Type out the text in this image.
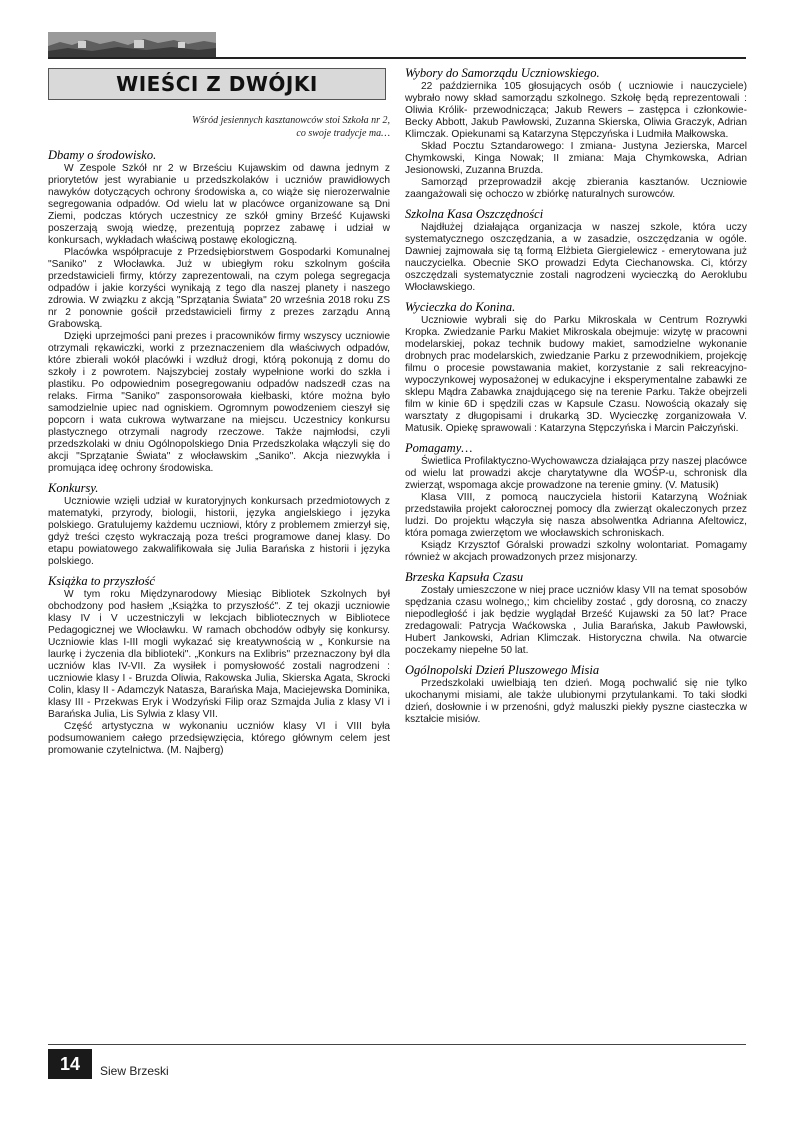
WIEŚCI Z DWÓJKI
Wśród jesiennych kasztanowców stoi Szkoła nr 2,
co swoje tradycje ma…
Dbamy o środowisko.

W Zespole Szkół nr 2 w Brześciu Kujawskim od dawna jednym z priorytetów jest wyrabianie u przedszkolaków i uczniów prawidłowych nawyków dotyczących ochrony środowiska a, co wiąże się nierozerwalnie segregowania odpadów. Od wielu lat w placówce organizowane są Dni Ziemi, podczas których uczestnicy ze szkół gminy Brześć Kujawski poszerzają swoją wiedzę, prezentują poprzez zabawę i udział w konkursach, wykładach właściwą postawę ekologiczną.

Placówka współpracuje z Przedsiębiorstwem Gospodarki Komunalnej "Saniko" z Włocławka. Już w ubiegłym roku szkolnym gościła przedstawicieli firmy, którzy zaprezentowali, na czym polega segregacja odpadów i jakie korzyści wynikają z tego dla naszej planety i naszego zdrowia. W związku z akcją "Sprzątania Świata" 20 września 2018 roku ZS nr 2 ponownie gościł przedstawicieli firmy z prezes zarządu Anną Grabowską.

Dzięki uprzejmości pani prezes i pracowników firmy wszyscy uczniowie otrzymali rękawiczki, worki z przeznaczeniem dla właściwych odpadów, które zbierali wokół placówki i wzdłuż drogi, którą pokonują z domu do szkoły i z powrotem. Najszybciej zostały wypełnione worki do szkła i plastiku. Po odpowiednim posegregowaniu odpadów nadszedł czas na relaks. Firma "Saniko" zasponsorowała kiełbaski, które można było samodzielnie upiec nad ogniskiem. Ogromnym powodzeniem cieszył się popcorn i wata cukrowa wytwarzane na miejscu. Uczestnicy konkursu plastycznego otrzymali nagrody rzeczowe. Także najmłodsi, czyli przedszkolaki w dniu Ogólnopolskiego Dnia Przedszkolaka włączyli się do akcji "Sprzątanie Świata" z włocławskim „Saniko". Akcja niezwykła i promująca ideę ochrony środowiska.

Konkursy.

Uczniowie wzięli udział w kuratoryjnych konkursach przedmiotowych z matematyki, przyrody, biologii, historii, języka angielskiego i języka polskiego. Gratulujemy każdemu uczniowi, który z problemem zmierzył się, gdyż treści często wykraczają poza treści programowe danej klasy. Do etapu powiatowego zakwalifikowała się Julia Barańska z historii i języka polskiego.

Książka to przyszłość

W tym roku Międzynarodowy Miesiąc Bibliotek Szkolnych był obchodzony pod hasłem „Książka to przyszłość". Z tej okazji uczniowie klasy IV i V uczestniczyli w lekcjach bibliotecznych w Bibliotece Pedagogicznej we Włocławku. W ramach obchodów odbyły się konkursy. Uczniowie klas I-III mogli wykazać się kreatywnością w „ Konkursie na laurkę i życzenia dla biblioteki". „Konkurs na Exlibris" przeznaczony był dla uczniów klas IV-VII. Za wysiłek i pomysłowość zostali nagrodzeni : uczniowie klasy I - Bruzda Oliwia, Rakowska Julia, Skierska Agata, Skrocki Colin, klasy II - Adamczyk Natasza, Barańska Maja, Maciejewska Dominika, klasy III - Przekwas Eryk i Wodzyński Filip oraz Szmajda Julia z klasy VI i Barańska Julia, Lis Sylwia z klasy VII.

Część artystyczna w wykonaniu uczniów klasy VI i VIII była podsumowaniem całego przedsięwzięcia, którego głównym celem jest promowanie czytelnictwa. (M. Najberg)

Wybory do Samorządu Uczniowskiego.

22 października 105 głosujących osób ( uczniowie i nauczyciele) wybrało nowy skład samorządu szkolnego. Szkołę będą reprezentowali : Oliwia Królik- przewodnicząca; Jakub Rewers – zastępca i członkowie- Becky Abbott, Jakub Pawłowski, Zuzanna Skierska, Oliwia Graczyk, Adrian Klimczak. Opiekunami są Katarzyna Stępczyńska i Ludmiła Małkowska.

Skład Pocztu Sztandarowego: I zmiana- Justyna Jezierska, Marcel Chymkowski, Kinga Nowak; II zmiana: Maja Chymkowska, Adrian Jesionowski, Zuzanna Bruzda.

Samorząd przeprowadził akcję zbierania kasztanów. Uczniowie zaangażowali się ochoczo w zbiórkę naturalnych surowców.

Szkolna Kasa Oszczędności

Najdłużej działająca organizacja w naszej szkole, która uczy systematycznego oszczędzania, a w zasadzie, oszczędzania w ogóle. Dawniej zajmowała się tą formą Elżbieta Giergielewicz - emerytowana już nauczycielka. Obecnie SKO prowadzi Edyta Ciechanowska. Ci, którzy oszczędzali systematycznie zostali nagrodzeni wycieczką do Aeroklubu Włocławskiego.

Wycieczka do Konina.

Uczniowie wybrali się do Parku Mikroskala w Centrum Rozrywki Kropka. Zwiedzanie Parku Makiet Mikroskala obejmuje: wizytę w pracowni modelarskiej, pokaz technik budowy makiet, samodzielne wykonanie drobnych prac modelarskich, zwiedzanie Parku z przewodnikiem, projekcję filmu o procesie powstawania makiet, korzystanie z sali rekreacyjno-wypoczynkowej wyposażonej w edukacyjne i eksperymentalne zabawki ze sklepu Mądra Zabawka znajdującego się na terenie Parku. Także obejrzeli film w kinie 6D i spędzili czas w Kapsule Czasu. Nowością okazały się warsztaty z długopisami i drukarką 3D. Wycieczkę zorganizowała V. Matusik. Opiekę sprawowali : Katarzyna Stępczyńska i Marcin Pałczyński.

Pomagamy…

Świetlica Profilaktyczno-Wychowawcza działająca przy naszej placówce od wielu lat prowadzi akcje charytatywne dla WOŚP-u, schronisk dla zwierząt, wspomaga akcje prowadzone na terenie gminy. (V. Matusik)

Klasa VIII, z pomocą nauczyciela historii Katarzyną Woźniak przedstawiła projekt całorocznej pomocy dla zwierząt okaleczonych przez ludzi. Do projektu włączyła się nasza absolwentka Adrianna Afeltowicz, która pomaga zwierzętom we włocławskich schroniskach.

Ksiądz Krzysztof Góralski prowadzi szkolny wolontariat. Pomagamy również w akcjach prowadzonych przez misjonarzy.

Brzeska Kapsuła Czasu

Zostały umieszczone w niej prace uczniów klasy VII na temat sposobów spędzania czasu wolnego,; kim chcieliby zostać , gdy dorosną, co znaczy niepodległość i jak będzie wyglądał Brześć Kujawski za 50 lat? Prace zredagowali: Patrycja Waćkowska , Julia Barańska, Jakub Pawłowski, Hubert Jankowski, Adrian Klimczak. Historyczna chwila. Na otwarcie poczekamy niepełne 50 lat.

Ogólnopolski Dzień Pluszowego Misia

Przedszkolaki uwielbiają ten dzień. Mogą pochwalić się nie tylko ukochanymi misiami, ale także ulubionymi przytulankami. To taki słodki dzień, dosłownie i w przenośni, gdyż maluszki piekły pyszne ciasteczka w kształcie misiów.

14	Siew Brzeski
